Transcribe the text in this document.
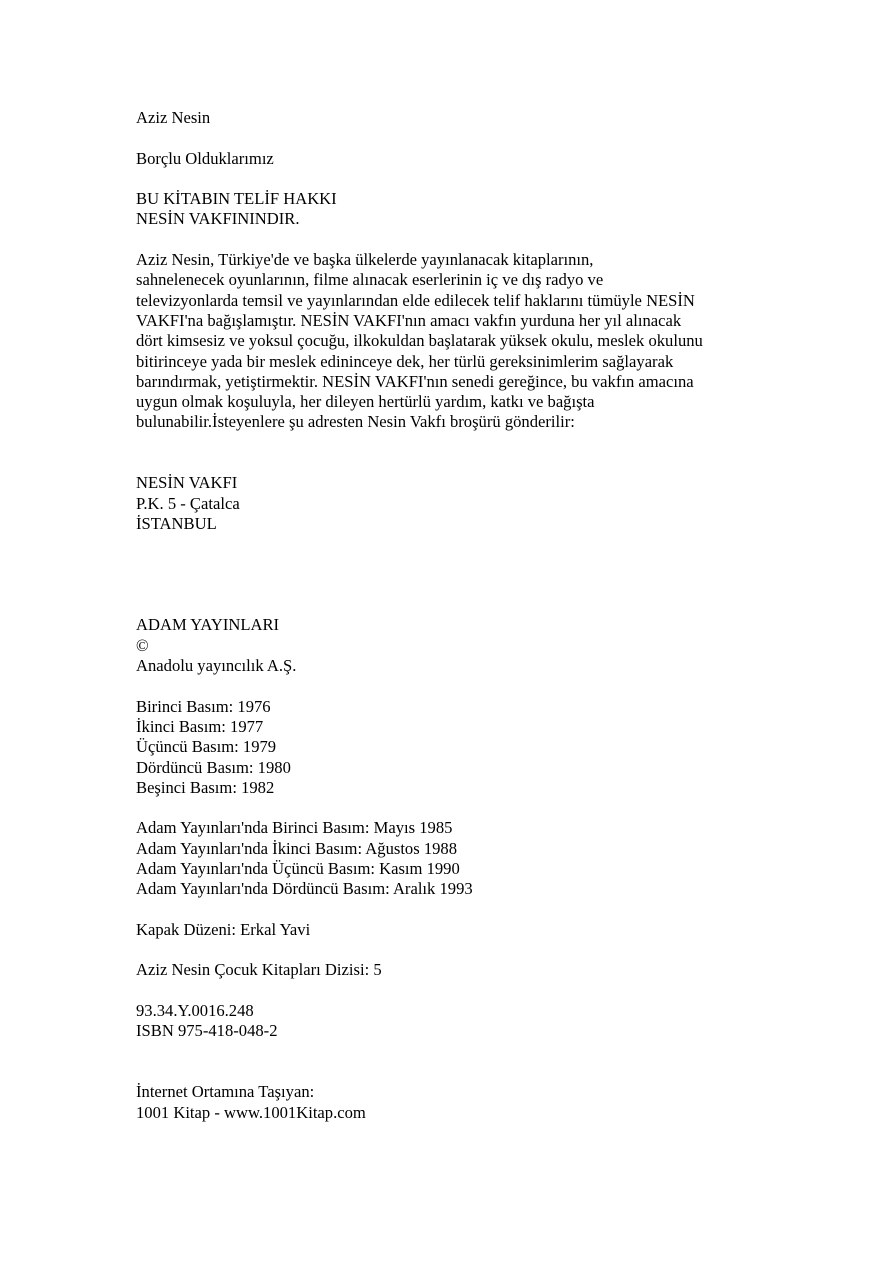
Aziz Nesin
Borçlu Olduklarımız
BU KİTABIN TELİF HAKKI
NESİN VAKFININDIR.
Aziz Nesin, Türkiye'de ve başka ülkelerde yayınlanacak kitaplarının,
sahnelenecek oyunlarının, filme alınacak eserlerinin iç ve dış radyo ve
televizyonlarda temsil ve yayınlarından elde edilecek telif haklarını tümüyle NESİN
VAKFI'na bağışlamıştır. NESİN VAKFI'nın amacı vakfın yurduna her yıl alınacak
dört kimsesiz ve yoksul çocuğu, ilkokuldan başlatarak yüksek okulu, meslek okulunu
bitirinceye yada bir meslek edininceye dek, her türlü gereksinimlerim sağlayarak
barındırmak, yetiştirmektir. NESİN VAKFI'nın senedi gereğince, bu vakfın amacına
uygun olmak koşuluyla, her dileyen hertürlü yardım, katkı ve bağışta
bulunabilir.İsteyenlere şu adresten Nesin Vakfı broşürü gönderilir:
NESİN VAKFI
P.K. 5 - Çatalca
İSTANBUL
ADAM YAYINLARI
©
Anadolu yayıncılık A.Ş.
Birinci Basım: 1976
İkinci Basım: 1977
Üçüncü Basım: 1979
Dördüncü Basım: 1980
Beşinci Basım: 1982
Adam Yayınları'nda Birinci Basım: Mayıs 1985
Adam Yayınları'nda İkinci Basım: Ağustos 1988
Adam Yayınları'nda Üçüncü Basım: Kasım 1990
Adam Yayınları'nda Dördüncü Basım: Aralık 1993
Kapak Düzeni: Erkal Yavi
Aziz Nesin Çocuk Kitapları Dizisi: 5
93.34.Y.0016.248
ISBN 975-418-048-2
İnternet Ortamına Taşıyan:
1001 Kitap - www.1001Kitap.com
